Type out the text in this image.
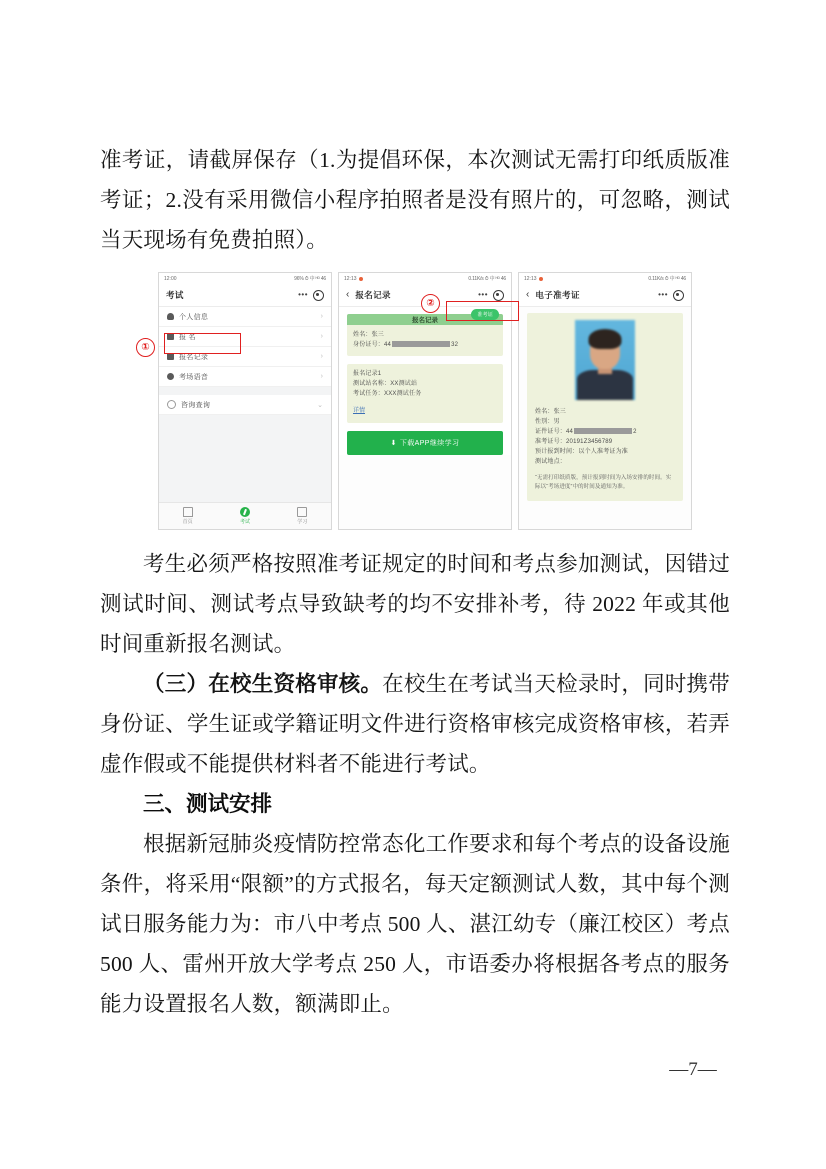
准考证，请截屏保存（1.为提倡环保，本次测试无需打印纸质版准考证；2.没有采用微信小程序拍照者是没有照片的，可忽略，测试当天现场有免费拍照）。

①
②
12:00	96% ⏱ 中 ᴴᴰ 46
考试	•••
个人信息	›
报 名	›
报名记录	›
考场语音	›
咨询查询	⌄
首页	考试	学习
12:13	0.11K/s ⏱ 中 ᴴᴰ 46
‹ 报名记录	•••
准考证
报名记录
姓名：张三
身份证号：44	32
报名记录1
测试站名称：XX测试站
考试任务：XXX测试任务
详情
⬇ 下载APP继续学习
12:13	0.11K/s ⏱ 中 ᴴᴰ 46
‹ 电子准考证	•••
姓名：张三
性别：男
证件证号：44	2
准考证号：20191Z3456789
预计报到时间：以个人准考证为准
测试地点：
“无需打印纸质版，预计报到时间为入场安排的时间。实际以“考场进度”中的时间及通知为准。

考生必须严格按照准考证规定的时间和考点参加测试，因错过测试时间、测试考点导致缺考的均不安排补考，待 2022 年或其他时间重新报名测试。

（三）在校生资格审核。在校生在考试当天检录时，同时携带身份证、学生证或学籍证明文件进行资格审核完成资格审核，若弄虚作假或不能提供材料者不能进行考试。

三、测试安排

根据新冠肺炎疫情防控常态化工作要求和每个考点的设备设施条件，将采用“限额”的方式报名，每天定额测试人数，其中每个测试日服务能力为：市八中考点 500 人、湛江幼专（廉江校区）考点 500 人、雷州开放大学考点 250 人，市语委办将根据各考点的服务能力设置报名人数，额满即止。

—7—
